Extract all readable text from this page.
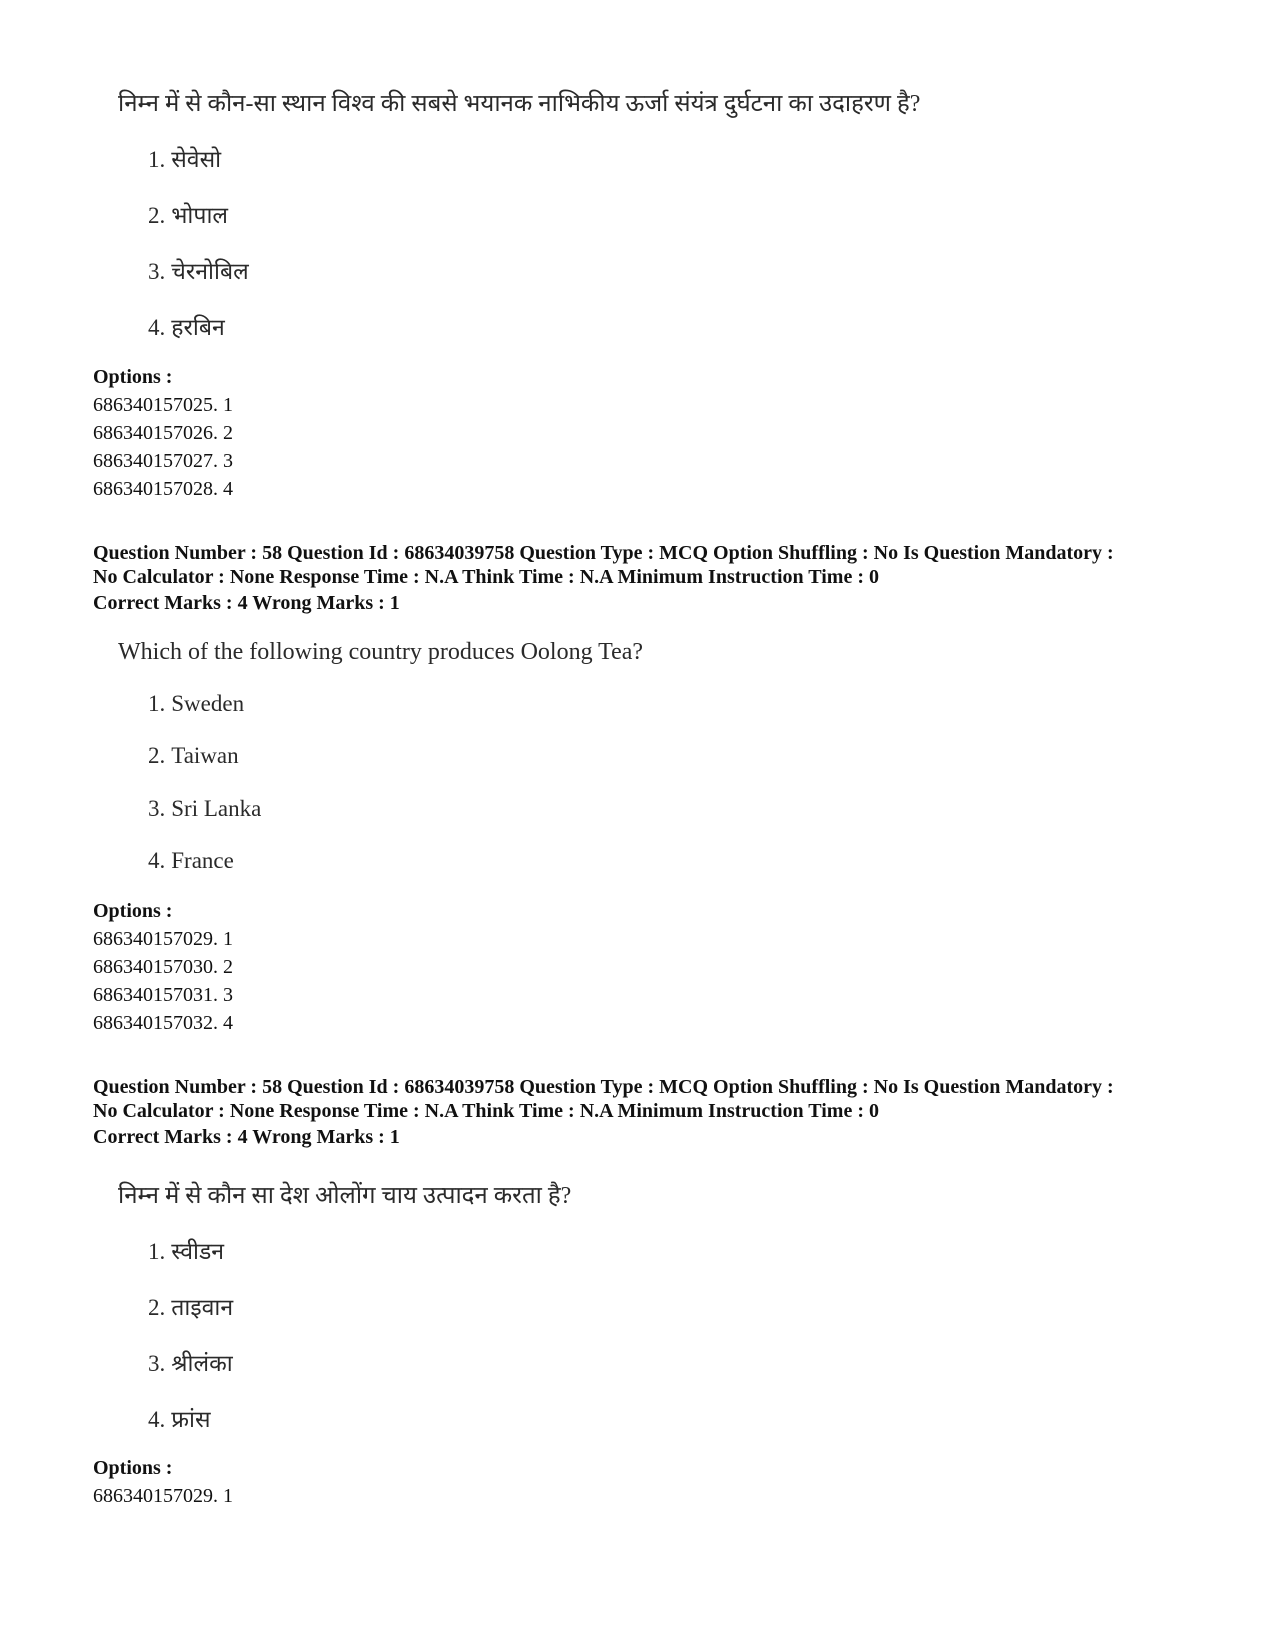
निम्न में से कौन-सा स्थान विश्व की सबसे भयानक नाभिकीय ऊर्जा संयंत्र दुर्घटना का उदाहरण है?
1. सेवेसो
2. भोपाल
3. चेरनोबिल
4. हरबिन
Options :
686340157025. 1
686340157026. 2
686340157027. 3
686340157028. 4
Question Number : 58 Question Id : 68634039758 Question Type : MCQ Option Shuffling : No Is Question Mandatory :
No Calculator : None Response Time : N.A Think Time : N.A Minimum Instruction Time : 0
Correct Marks : 4 Wrong Marks : 1
Which of the following country produces Oolong Tea?
1. Sweden
2. Taiwan
3. Sri Lanka
4. France
Options :
686340157029. 1
686340157030. 2
686340157031. 3
686340157032. 4
Question Number : 58 Question Id : 68634039758 Question Type : MCQ Option Shuffling : No Is Question Mandatory :
No Calculator : None Response Time : N.A Think Time : N.A Minimum Instruction Time : 0
Correct Marks : 4 Wrong Marks : 1
निम्न में से कौन सा देश ओलोंग चाय उत्पादन करता है?
1. स्वीडन
2. ताइवान
3. श्रीलंका
4. फ्रांस
Options :
686340157029. 1
